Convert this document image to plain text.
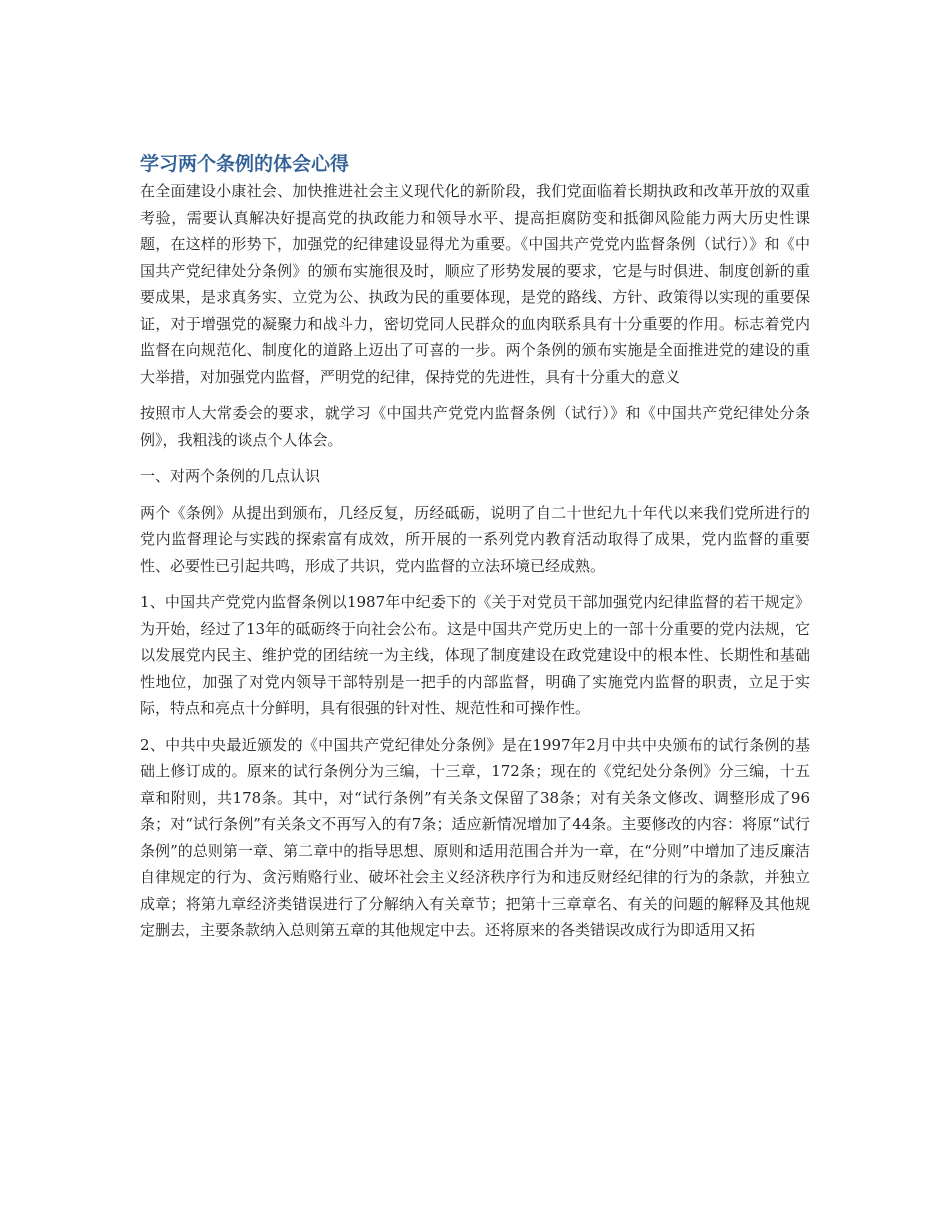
学习两个条例的体会心得

在全面建设小康社会、加快推进社会主义现代化的新阶段，我们党面临着长期执政和改革开放的双重考验，需要认真解决好提高党的执政能力和领导水平、提高拒腐防变和抵御风险能力两大历史性课题，在这样的形势下，加强党的纪律建设显得尤为重要。《中国共产党党内监督条例（试行）》和《中国共产党纪律处分条例》的颁布实施很及时，顺应了形势发展的要求，它是与时俱进、制度创新的重要成果，是求真务实、立党为公、执政为民的重要体现，是党的路线、方针、政策得以实现的重要保证，对于增强党的凝聚力和战斗力，密切党同人民群众的血肉联系具有十分重要的作用。标志着党内监督在向规范化、制度化的道路上迈出了可喜的一步。两个条例的颁布实施是全面推进党的建设的重大举措，对加强党内监督，严明党的纪律，保持党的先进性，具有十分重大的意义

按照市人大常委会的要求，就学习《中国共产党党内监督条例（试行）》和《中国共产党纪律处分条例》，我粗浅的谈点个人体会。

一、对两个条例的几点认识

两个《条例》从提出到颁布，几经反复，历经砥砺，说明了自二十世纪九十年代以来我们党所进行的党内监督理论与实践的探索富有成效，所开展的一系列党内教育活动取得了成果，党内监督的重要性、必要性已引起共鸣，形成了共识，党内监督的立法环境已经成熟。

1、中国共产党党内监督条例以1987年中纪委下的《关于对党员干部加强党内纪律监督的若干规定》为开始，经过了13年的砥砺终于向社会公布。这是中国共产党历史上的一部十分重要的党内法规，它以发展党内民主、维护党的团结统一为主线，体现了制度建设在政党建设中的根本性、长期性和基础性地位，加强了对党内领导干部特别是一把手的内部监督，明确了实施党内监督的职责，立足于实际，特点和亮点十分鲜明，具有很强的针对性、规范性和可操作性。

2、中共中央最近颁发的《中国共产党纪律处分条例》是在1997年2月中共中央颁布的试行条例的基础上修订成的。原来的试行条例分为三编，十三章，172条；现在的《党纪处分条例》分三编，十五章和附则，共178条。其中，对“试行条例”有关条文保留了38条；对有关条文修改、调整形成了96条；对“试行条例”有关条文不再写入的有7条；适应新情况增加了44条。主要修改的内容：将原“试行条例”的总则第一章、第二章中的指导思想、原则和适用范围合并为一章，在“分则”中增加了违反廉洁自律规定的行为、贪污贿赂行业、破坏社会主义经济秩序行为和违反财经纪律的行为的条款，并独立成章；将第九章经济类错误进行了分解纳入有关章节；把第十三章章名、有关的问题的解释及其他规定删去，主要条款纳入总则第五章的其他规定中去。还将原来的各类错误改成行为即适用又拓
